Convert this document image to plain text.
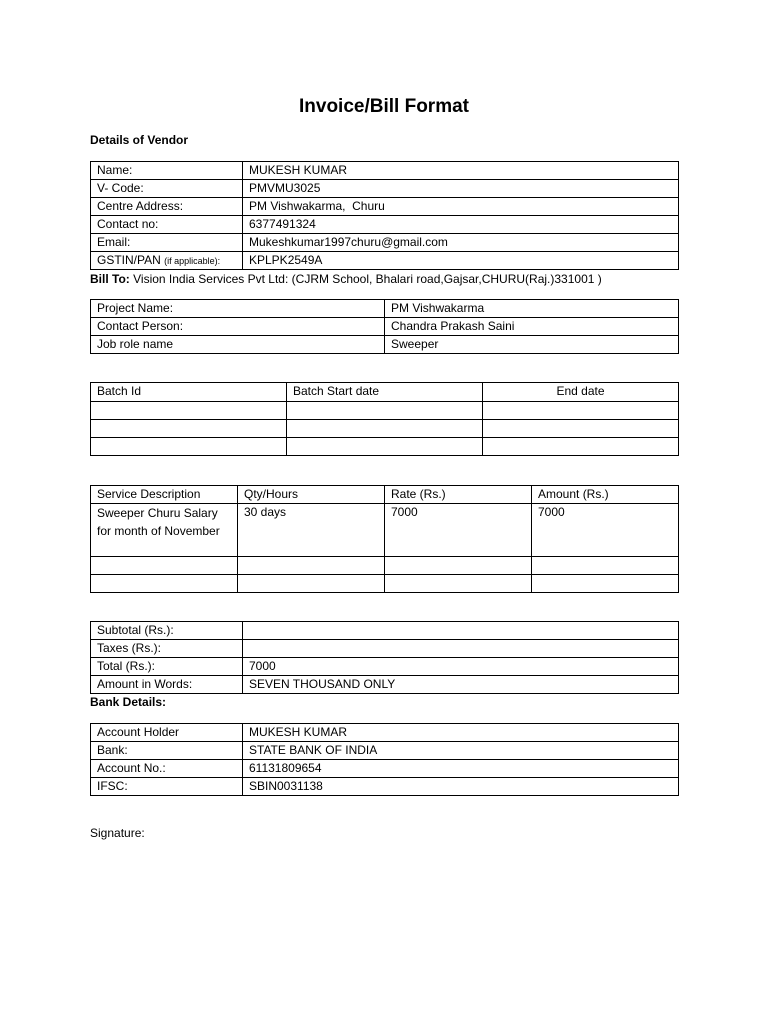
Invoice/Bill Format
Details of Vendor
Name:	MUKESH KUMAR
V- Code:	PMVMU3025
Centre Address:	PM Vishwakarma,  Churu
Contact no:	6377491324
Email:	Mukeshkumar1997churu@gmail.com
GSTIN/PAN (if applicable):	KPLPK2549A
Bill To: Vision India Services Pvt Ltd: (CJRM School, Bhalari road,Gajsar,CHURU(Raj.)331001 )
Project Name:	PM Vishwakarma
Contact Person:	Chandra Prakash Saini
Job role name	Sweeper
Batch Id	Batch Start date	End date

Service Description	Qty/Hours	Rate (Rs.)	Amount (Rs.)
Sweeper Churu Salary for month of November	30 days	7000	7000

Subtotal (Rs.):	
Taxes (Rs.):	
Total (Rs.):	7000
Amount in Words:	SEVEN THOUSAND ONLY
Bank Details:
Account Holder	MUKESH KUMAR
Bank:	STATE BANK OF INDIA
Account No.:	61131809654
IFSC:	SBIN0031138
Signature:
